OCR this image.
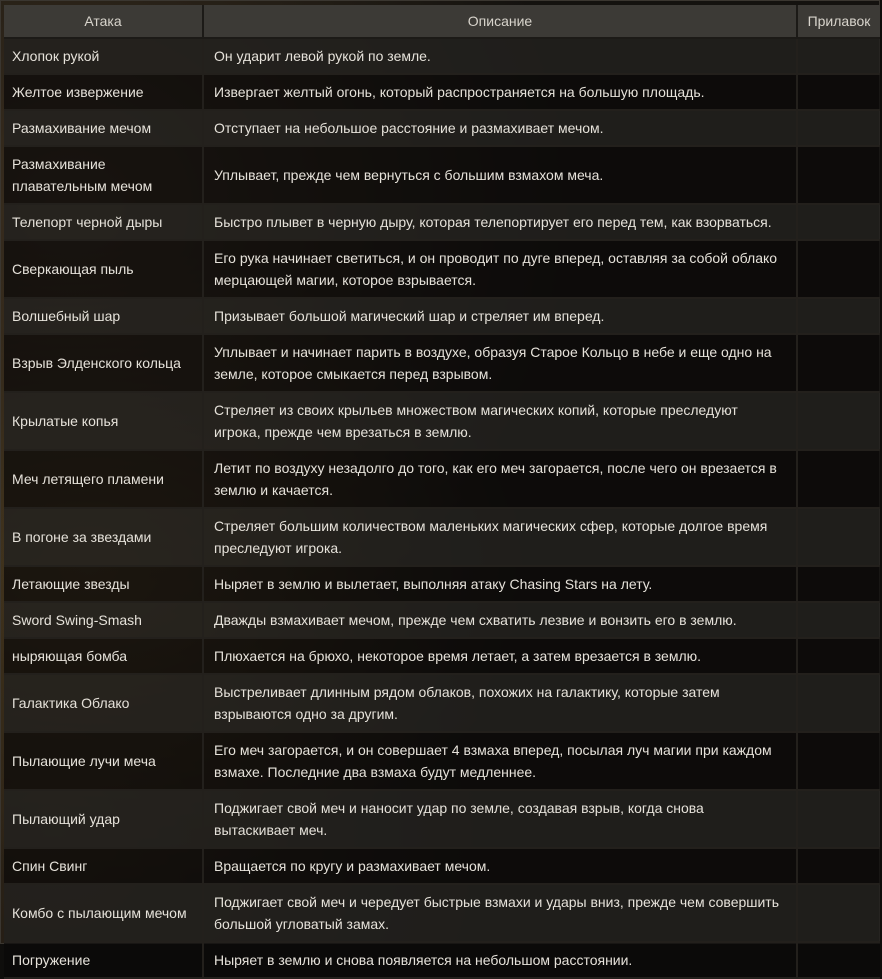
Атака	Описание	Прилавок
Хлопок рукой	Он ударит левой рукой по земле.	
Желтое извержение	Извергает желтый огонь, который распространяется на большую площадь.	
Размахивание мечом	Отступает на небольшое расстояние и размахивает мечом.	
Размахивание плавательным мечом	Уплывает, прежде чем вернуться с большим взмахом меча.	
Телепорт черной дыры	Быстро плывет в черную дыру, которая телепортирует его перед тем, как взорваться.	
Сверкающая пыль	Его рука начинает светиться, и он проводит по дуге вперед, оставляя за собой облако мерцающей магии, которое взрывается.	
Волшебный шар	Призывает большой магический шар и стреляет им вперед.	
Взрыв Элденского кольца	Уплывает и начинает парить в воздухе, образуя Старое Кольцо в небе и еще одно на земле, которое смыкается перед взрывом.	
Крылатые копья	Стреляет из своих крыльев множеством магических копий, которые преследуют игрока, прежде чем врезаться в землю.	
Меч летящего пламени	Летит по воздуху незадолго до того, как его меч загорается, после чего он врезается в землю и качается.	
В погоне за звездами	Стреляет большим количеством маленьких магических сфер, которые долгое время преследуют игрока.	
Летающие звезды	Ныряет в землю и вылетает, выполняя атаку Chasing Stars на лету.	
Sword Swing-Smash	Дважды взмахивает мечом, прежде чем схватить лезвие и вонзить его в землю.	
ныряющая бомба	Плюхается на брюхо, некоторое время летает, а затем врезается в землю.	
Галактика Облако	Выстреливает длинным рядом облаков, похожих на галактику, которые затем взрываются одно за другим.	
Пылающие лучи меча	Его меч загорается, и он совершает 4 взмаха вперед, посылая луч магии при каждом взмахе. Последние два взмаха будут медленнее.	
Пылающий удар	Поджигает свой меч и наносит удар по земле, создавая взрыв, когда снова вытаскивает меч.	
Спин Свинг	Вращается по кругу и размахивает мечом.	
Комбо с пылающим мечом	Поджигает свой меч и чередует быстрые взмахи и удары вниз, прежде чем совершить большой угловатый замах.	
Погружение	Ныряет в землю и снова появляется на небольшом расстоянии.	
